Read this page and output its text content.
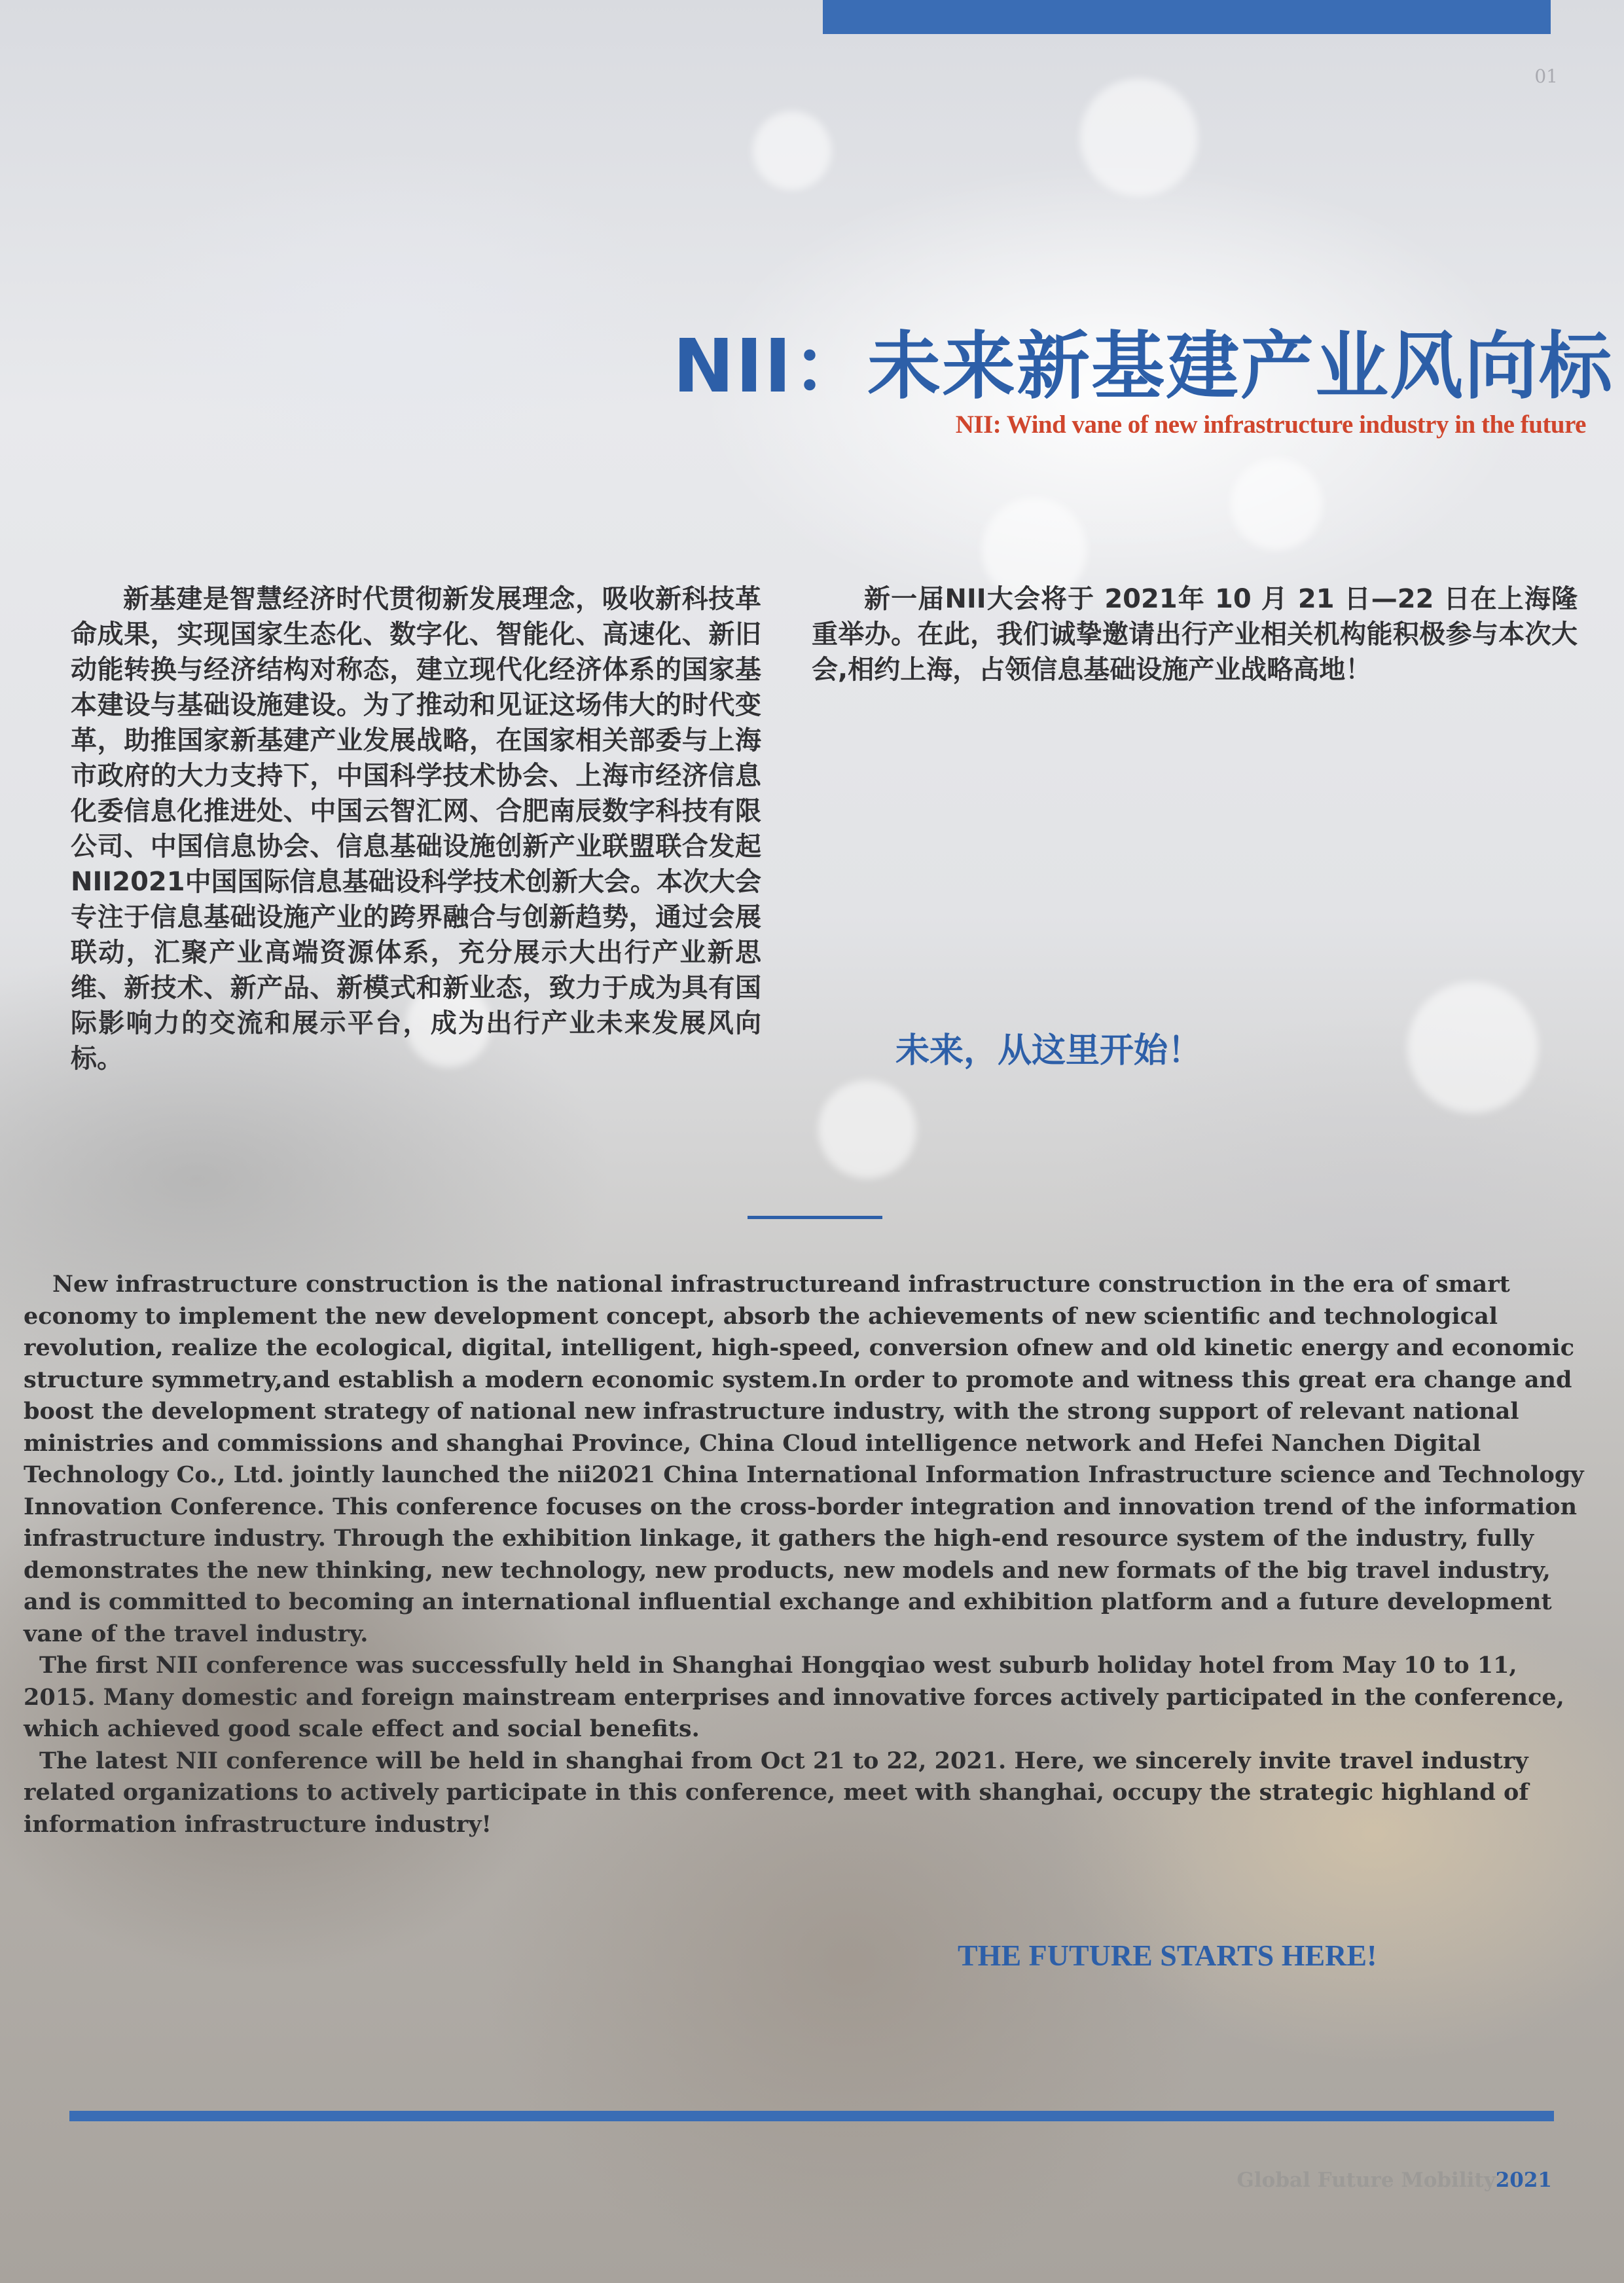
01
NII：未来新基建产业风向标
NII: Wind vane of new infrastructure industry in the future

新基建是智慧经济时代贯彻新发展理念，吸收新科技革命成果，实现国家生态化、数字化、智能化、高速化、新旧动能转换与经济结构对称态，建立现代化经济体系的国家基本建设与基础设施建设。为了推动和见证这场伟大的时代变革，助推国家新基建产业发展战略，在国家相关部委与上海市政府的大力支持下，中国科学技术协会、上海市经济信息化委信息化推进处、中国云智汇网、合肥南辰数字科技有限公司、中国信息协会、信息基础设施创新产业联盟联合发起NII2021中国国际信息基础设科学技术创新大会。本次大会专注于信息基础设施产业的跨界融合与创新趋势，通过会展联动，汇聚产业高端资源体系，充分展示大出行产业新思维、新技术、新产品、新模式和新业态，致力于成为具有国际影响力的交流和展示平台，成为出行产业未来发展风向标。

新一届NII大会将于 2021年 10 月 21 日—22 日在上海隆重举办。在此，我们诚挚邀请出行产业相关机构能积极参与本次大会,相约上海，占领信息基础设施产业战略高地！

未来，从这里开始！

New infrastructure construction is the national infrastructureand infrastructure construction in the era of smart economy to implement the new development concept, absorb the achievements of new scientific and technological revolution, realize the ecological, digital, intelligent, high-speed, conversion ofnew and old kinetic energy and economic structure symmetry,and establish a modern economic system.In order to promote and witness this great era change and boost the development strategy of national new infrastructure industry, with the strong support of relevant national ministries and commissions and shanghai Province, China Cloud intelligence network and Hefei Nanchen Digital Technology Co., Ltd. jointly launched the nii2021 China International Information Infrastructure science and Technology Innovation Conference. This conference focuses on the cross-border integration and innovation trend of the information infrastructure industry. Through the exhibition linkage, it gathers the high-end resource system of the industry, fully demonstrates the new thinking, new technology, new products, new models and new formats of the big travel industry, and is committed to becoming an international influential exchange and exhibition platform and a future development vane of the travel industry.

The first NII conference was successfully held in Shanghai Hongqiao west suburb holiday hotel from May 10 to 11, 2015. Many domestic and foreign mainstream enterprises and innovative forces actively participated in the conference, which achieved good scale effect and social benefits.

The latest NII conference will be held in shanghai from Oct 21 to 22, 2021. Here, we sincerely invite travel industry related organizations to actively participate in this conference, meet with shanghai, occupy the strategic highland of information infrastructure industry!

THE FUTURE STARTS HERE!
Global Future Mobility2021
